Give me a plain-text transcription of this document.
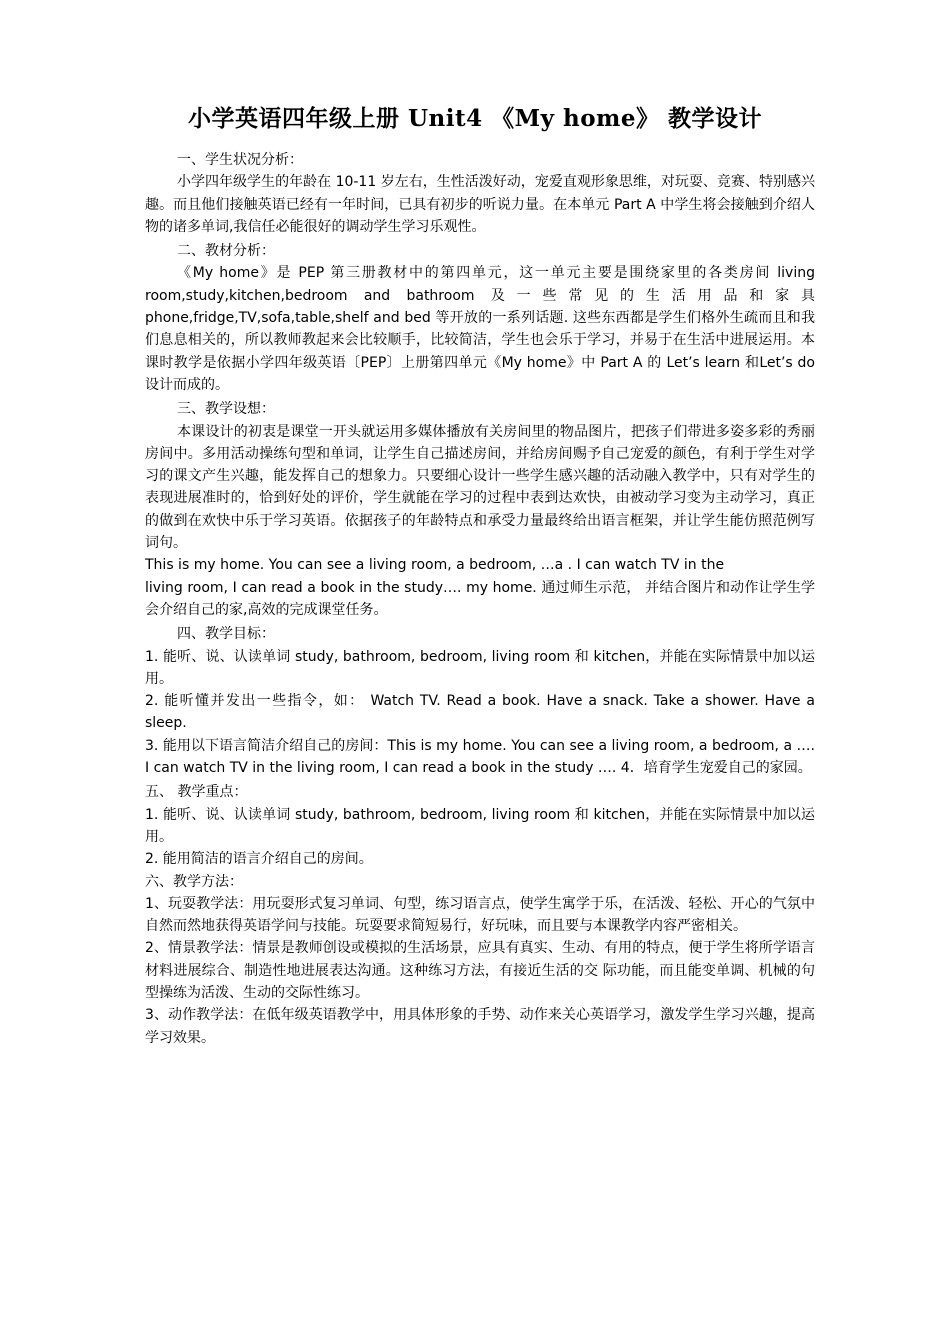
小学英语四年级上册 Unit4 《My home》 教学设计
一、学生状况分析：
小学四年级学生的年龄在 10-11 岁左右，生性活泼好动，宠爱直观形象思维，对玩耍、竞赛、特别感兴趣。而且他们接触英语已经有一年时间，已具有初步的听说力量。在本单元 Part A 中学生将会接触到介绍人物的诸多单词,我信任必能很好的调动学生学习乐观性。
二、教材分析：
《My home》是 PEP 第三册教材中的第四单元，这一单元主要是围绕家里的各类房间 living room,study,kitchen,bedroom and bathroom 及一些常见的生活用品和家具 phone,fridge,TV,sofa,table,shelf and bed 等开放的一系列话题. 这些东西都是学生们格外生疏而且和我们息息相关的，所以教师教起来会比较顺手，比较简洁，学生也会乐于学习，并易于在生活中进展运用。本课时教学是依据小学四年级英语〔PEP〕上册第四单元《My home》中 Part A 的 Let’s learn 和Let’s do 设计而成的。
三、教学设想：
本课设计的初衷是课堂一开头就运用多媒体播放有关房间里的物品图片，把孩子们带进多姿多彩的秀丽房间中。多用活动操练句型和单词，让学生自己描述房间，并给房间赐予自己宠爱的颜色，有利于学生对学习的课文产生兴趣，能发挥自己的想象力。只要细心设计一些学生感兴趣的活动融入教学中，只有对学生的表现进展准时的，恰到好处的评价，学生就能在学习的过程中表到达欢快，由被动学习变为主动学习，真正的做到在欢快中乐于学习英语。依据孩子的年龄特点和承受力量最终给出语言框架，并让学生能仿照范例写词句。
This is my home. You can see a living room, a bedroom, …a . I can watch TV in the
living room, I can read a book in the study…. my home. 通过师生示范， 并结合图片和动作让学生学会介绍自己的家,高效的完成课堂任务。
四、教学目标：
1. 能听、说、认读单词 study, bathroom, bedroom, living room 和 kitchen，并能在实际情景中加以运用。
2. 能听懂并发出一些指令，如： Watch TV. Read a book. Have a snack. Take a shower. Have a sleep.
3. 能用以下语言简洁介绍自己的房间：This is my home. You can see a living room, a bedroom, a …. I can watch TV in the living room, I can read a book in the study …. 4．培育学生宠爱自己的家园。
五、 教学重点：
1. 能听、说、认读单词 study, bathroom, bedroom, living room 和 kitchen，并能在实际情景中加以运用。
2. 能用简洁的语言介绍自己的房间。
六、教学方法：
1、玩耍教学法：用玩耍形式复习单词、句型，练习语言点，使学生寓学于乐，在活泼、轻松、开心的气氛中自然而然地获得英语学问与技能。玩耍要求简短易行，好玩味，而且要与本课教学内容严密相关。
2、情景教学法：情景是教师创设或模拟的生活场景，应具有真实、生动、有用的特点，便于学生将所学语言材料进展综合、制造性地进展表达沟通。这种练习方法，有接近生活的交 际功能，而且能变单调、机械的句型操练为活泼、生动的交际性练习。
3、动作教学法：在低年级英语教学中，用具体形象的手势、动作来关心英语学习，激发学生学习兴趣，提高学习效果。
